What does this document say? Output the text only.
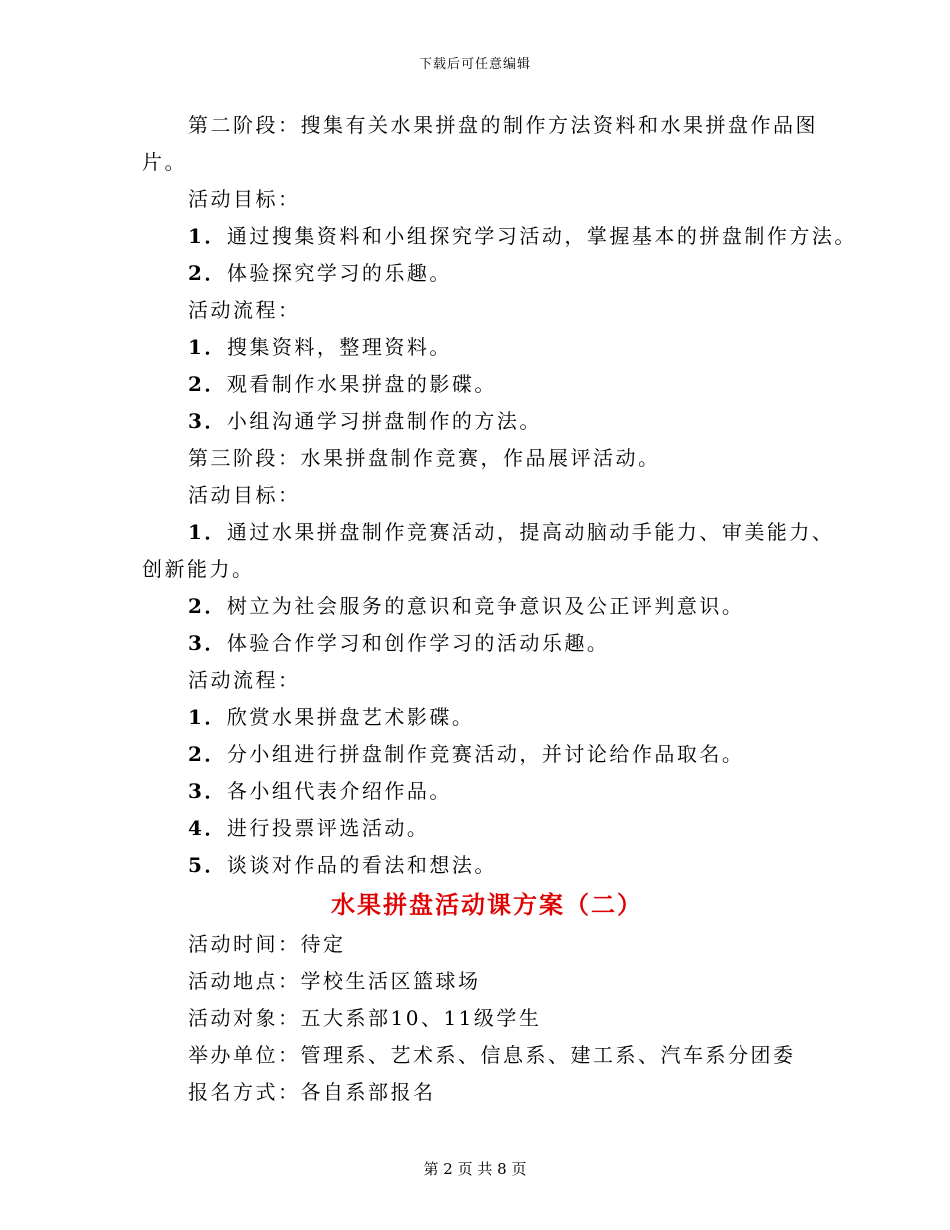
下载后可任意编辑
第二阶段：搜集有关水果拼盘的制作方法资料和水果拼盘作品图
片。
活动目标：
1．通过搜集资料和小组探究学习活动，掌握基本的拼盘制作方法。
2．体验探究学习的乐趣。
活动流程：
1．搜集资料，整理资料。
2．观看制作水果拼盘的影碟。
3．小组沟通学习拼盘制作的方法。
第三阶段：水果拼盘制作竞赛，作品展评活动。
活动目标：
1．通过水果拼盘制作竞赛活动，提高动脑动手能力、审美能力、
创新能力。
2．树立为社会服务的意识和竞争意识及公正评判意识。
3．体验合作学习和创作学习的活动乐趣。
活动流程：
1．欣赏水果拼盘艺术影碟。
2．分小组进行拼盘制作竞赛活动，并讨论给作品取名。
3．各小组代表介绍作品。
4．进行投票评选活动。
5．谈谈对作品的看法和想法。
水果拼盘活动课方案（二）
活动时间：待定
活动地点：学校生活区篮球场
活动对象：五大系部10、11级学生
举办单位：管理系、艺术系、信息系、建工系、汽车系分团委
报名方式：各自系部报名
第 2 页 共 8 页
